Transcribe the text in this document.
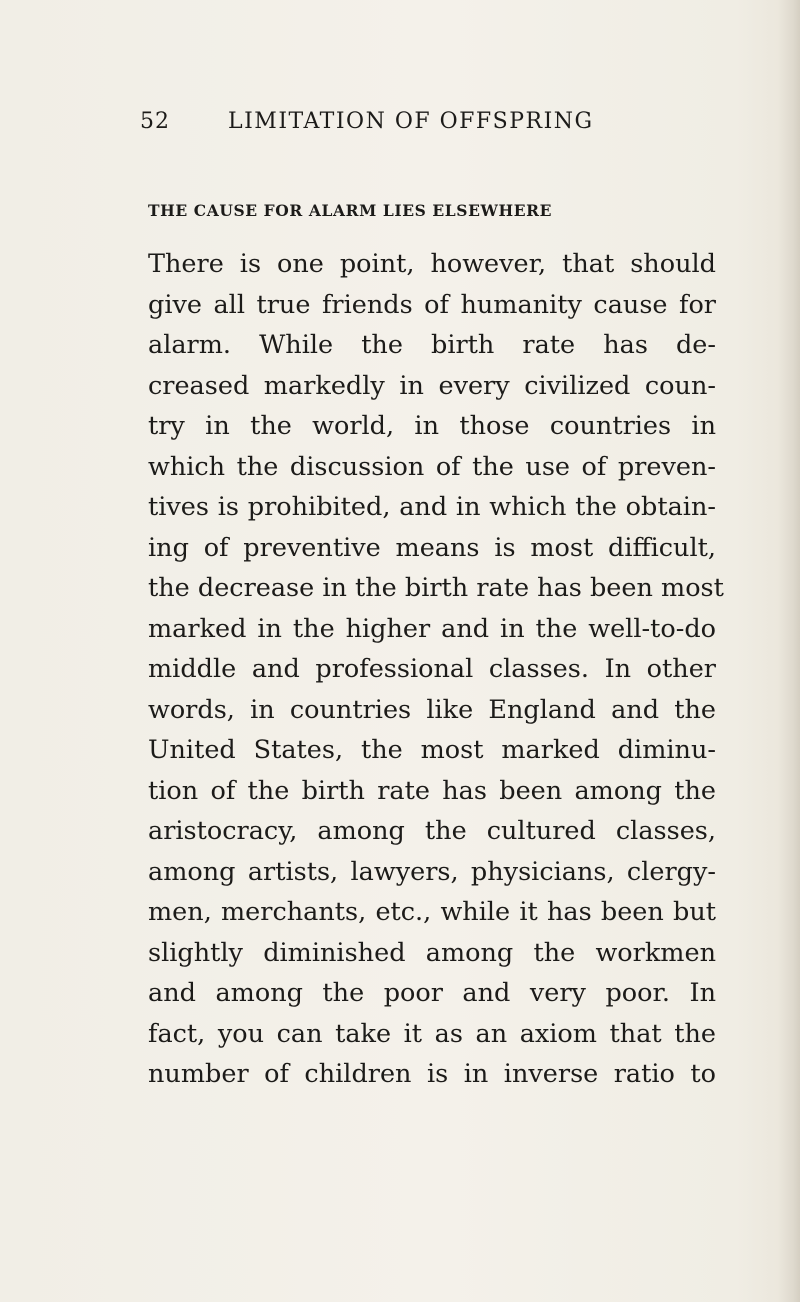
52	LIMITATION OF OFFSPRING
THE CAUSE FOR ALARM LIES ELSEWHERE
There is one point, however, that should
give all true friends of humanity cause for
alarm. While the birth rate has de-
creased markedly in every civilized coun-
try in the world, in those countries in
which the discussion of the use of preven-
tives is prohibited, and in which the obtain-
ing of preventive means is most difficult,
the decrease in the birth rate has been most
marked in the higher and in the well-to-do
middle and professional classes. In other
words, in countries like England and the
United States, the most marked diminu-
tion of the birth rate has been among the
aristocracy, among the cultured classes,
among artists, lawyers, physicians, clergy-
men, merchants, etc., while it has been but
slightly diminished among the workmen
and among the poor and very poor. In
fact, you can take it as an axiom that the
number of children is in inverse ratio to
